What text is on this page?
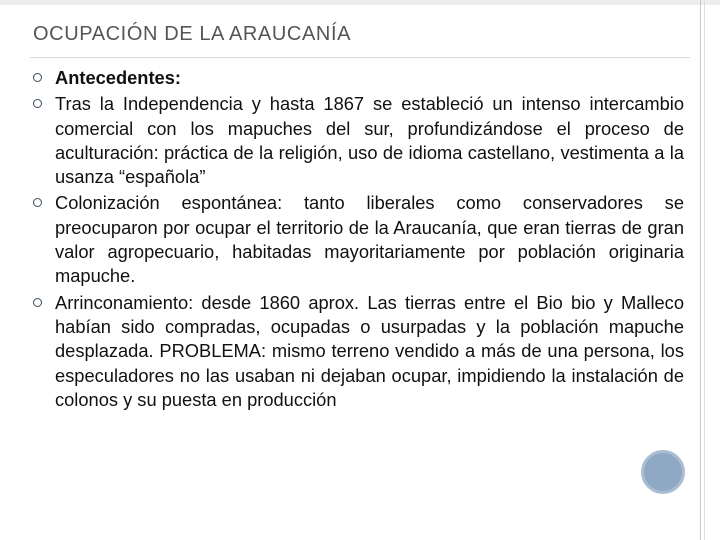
OCUPACIÓN DE LA ARAUCANÍA
Antecedentes:
Tras la Independencia y hasta 1867 se estableció un intenso intercambio comercial con los mapuches del sur, profundizándose el proceso de aculturación: práctica de la religión, uso de idioma castellano, vestimenta a la usanza “española”
Colonización espontánea: tanto liberales como conservadores se preocuparon por ocupar el territorio de la Araucanía, que eran tierras de gran valor agropecuario, habitadas mayoritariamente por población originaria mapuche.
Arrinconamiento: desde 1860 aprox. Las tierras entre el Bio bio y Malleco habían sido compradas, ocupadas o usurpadas y la población mapuche desplazada. PROBLEMA: mismo terreno vendido a más de una persona, los especuladores no las usaban ni dejaban ocupar, impidiendo la instalación de colonos y su puesta en producción
